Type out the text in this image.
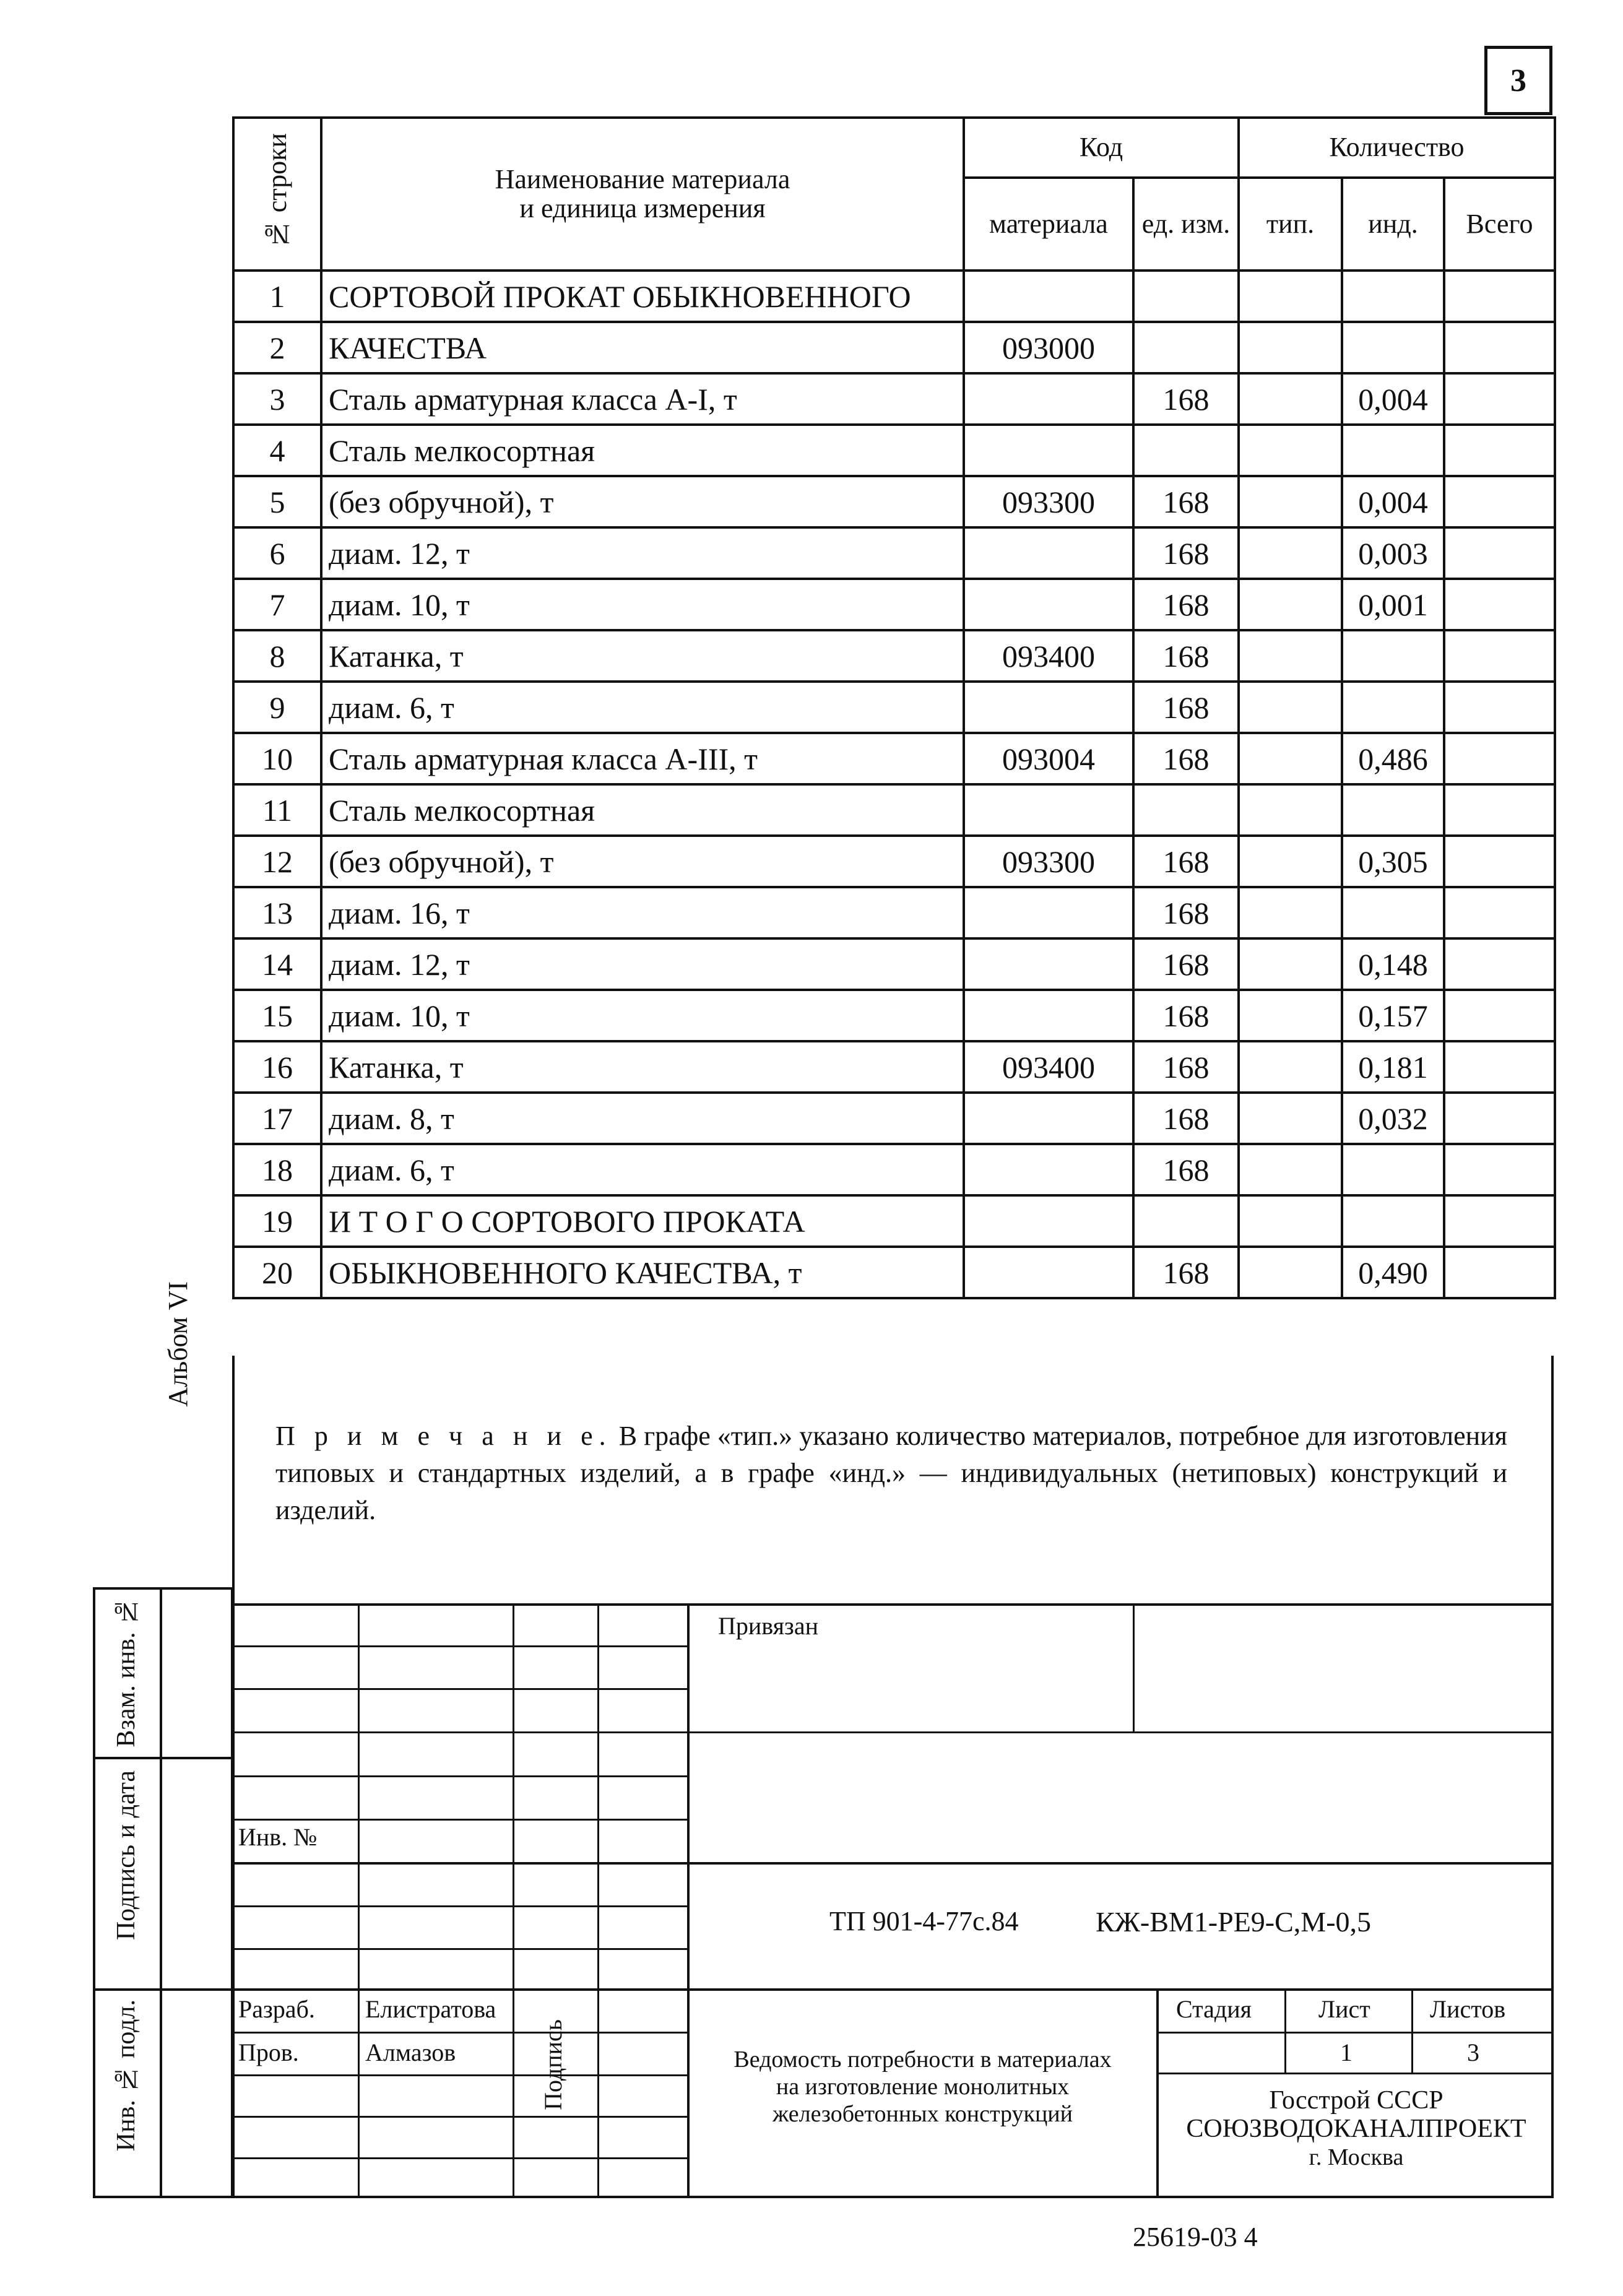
3
№ строки	Наименование материала
и единица измерения	Код		Количество		
		материала	ед. изм.	тип.	инд.	Всего
1	СОРТОВОЙ ПРОКАТ ОБЫКНОВЕННОГО					
2	КАЧЕСТВА	093000				
3	Сталь арматурная класса А-I, т		168		0,004	
4	Сталь мелкосортная					
5	(без обручной), т	093300	168		0,004	
6	диам. 12, т		168		0,003	
7	диам. 10, т		168		0,001	
8	Катанка, т	093400	168			
9	диам. 6, т		168			
10	Сталь арматурная класса А-III, т	093004	168		0,486	
11	Сталь мелкосортная					
12	(без обручной), т	093300	168		0,305	
13	диам. 16, т		168			
14	диам. 12, т		168		0,148	
15	диам. 10, т		168		0,157	
16	Катанка, т	093400	168		0,181	
17	диам. 8, т		168		0,032	
18	диам. 6, т		168			
19	И Т О Г О СОРТОВОГО ПРОКАТА					
20	ОБЫКНОВЕННОГО КАЧЕСТВА, т		168		0,490	
П р и м е ч а н и е. В графе «тип.» указано количество материалов, потребное для изготовления типовых и стандартных изделий, а в графе «инд.» — индивидуальных (нетиповых) конструкций и изделий.
Альбом VI
Взам. инв. №
Подпись и дата
Инв. № подл.
Привязан
Инв. №
ТП 901-4-77с.84	КЖ-ВМ1-РЕ9-С,М-0,5
Разраб. Елистратова
Пров.	Алмазов	Подпись	Ведомость потребности в материалах
на изготовление монолитных
железобетонных конструкций
Стадия	Лист Листов
1	3
Госстрой СССР
СОЮЗВОДОКАНАЛПРОЕКТ
г. Москва
25619-03 4
